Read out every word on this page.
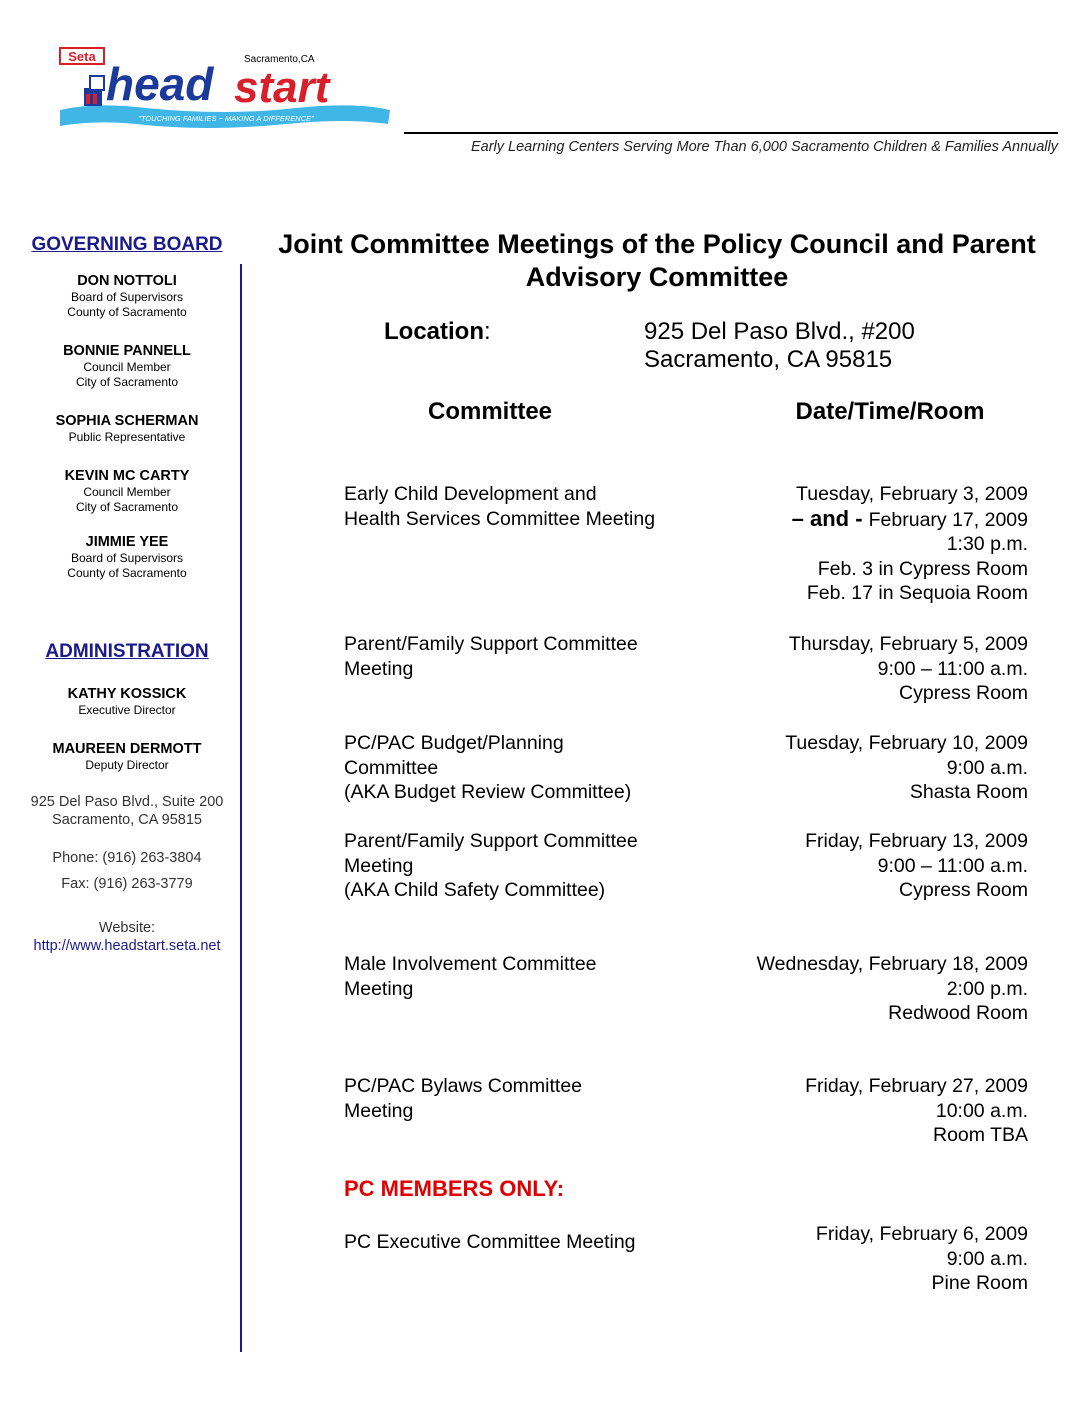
"TOUCHING FAMILIES ~ MAKING A DIFFERENCE"
Seta
head	Sacramento,CA
start
Early Learning Centers Serving More Than 6,000 Sacramento Children & Families Annually
GOVERNING BOARD
DON NOTTOLI
Board of Supervisors
County of Sacramento
BONNIE PANNELL
Council Member
City of Sacramento
SOPHIA SCHERMAN
Public Representative
KEVIN MC CARTY
Council Member
City of Sacramento
JIMMIE YEE
Board of Supervisors
County of Sacramento
ADMINISTRATION
KATHY KOSSICK
Executive Director
MAUREEN DERMOTT
Deputy Director
925 Del Paso Blvd., Suite 200
Sacramento, CA 95815
Phone: (916) 263-3804
Fax: (916) 263-3779
Website:
http://www.headstart.seta.net
Joint Committee Meetings of the Policy Council and Parent Advisory Committee
Location:	925 Del Paso Blvd., #200
Sacramento, CA 95815
Committee	Date/Time/Room
Early Child Development and
Health Services Committee Meeting
Tuesday, February 3, 2009
– and - February 17, 2009
1:30 p.m.
Feb. 3 in Cypress Room
Feb. 17 in Sequoia Room
Parent/Family Support Committee
Meeting
Thursday, February 5, 2009
9:00 – 11:00 a.m.
Cypress Room
PC/PAC Budget/Planning
Committee
(AKA Budget Review Committee)
Tuesday, February 10, 2009
9:00 a.m.
Shasta Room
Parent/Family Support Committee
Meeting
(AKA Child Safety Committee)
Friday, February 13, 2009
9:00 – 11:00 a.m.
Cypress Room
Male Involvement Committee
Meeting
Wednesday, February 18, 2009
2:00 p.m.
Redwood Room
PC/PAC Bylaws Committee
Meeting
Friday, February 27, 2009
10:00 a.m.
Room TBA
PC MEMBERS ONLY:
PC Executive Committee Meeting	Friday, February 6, 2009
9:00 a.m.
Pine Room
